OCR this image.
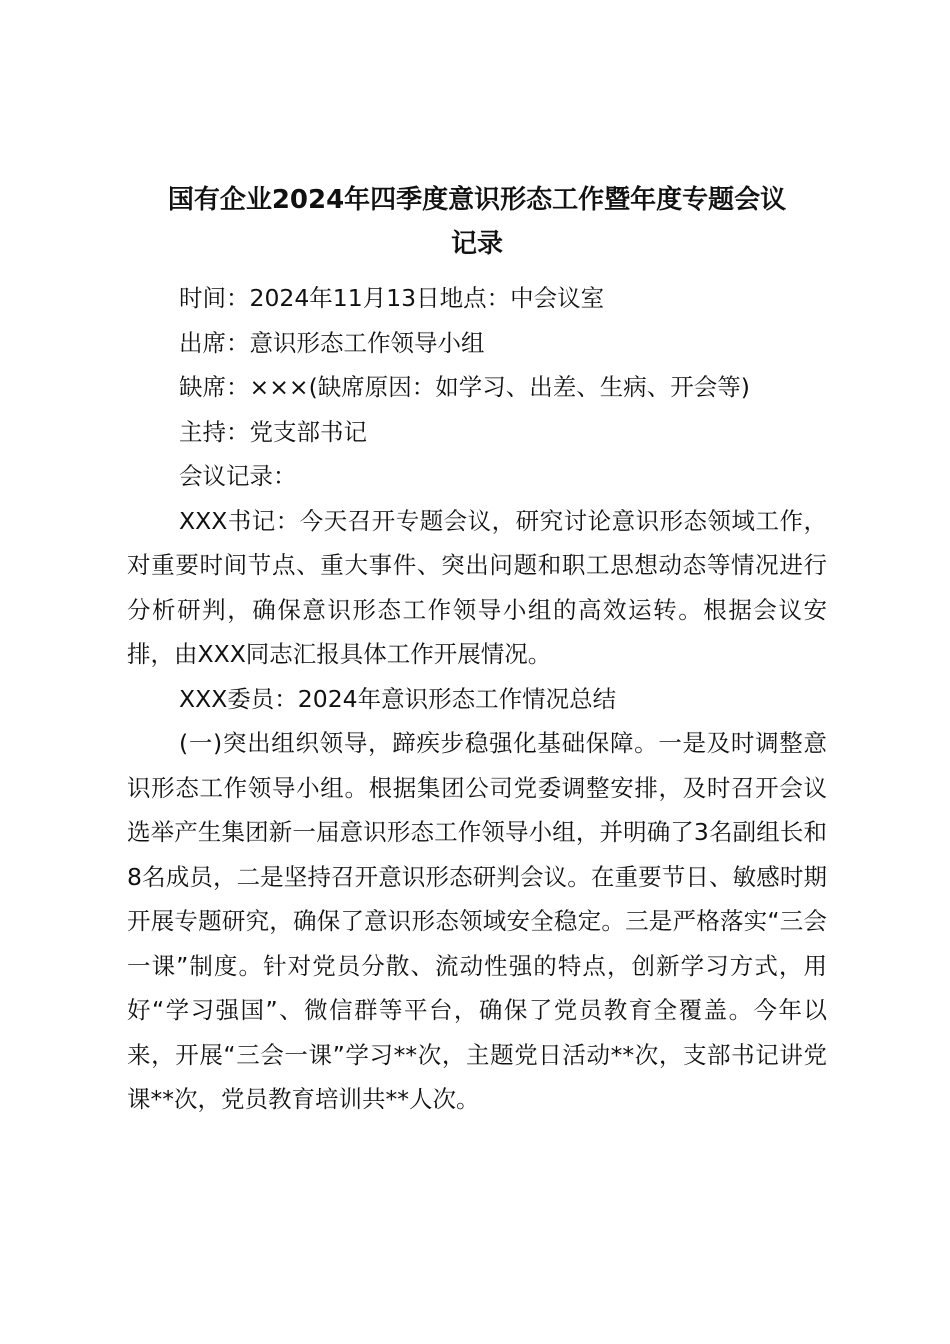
国有企业2024年四季度意识形态工作暨年度专题会议
记录

时间：2024年11月13日地点：中会议室

出席：意识形态工作领导小组

缺席：×××(缺席原因：如学习、出差、生病、开会等)

主持：党支部书记

会议记录：

XXX书记：今天召开专题会议，研究讨论意识形态领域工作，对重要时间节点、重大事件、突出问题和职工思想动态等情况进行分析研判，确保意识形态工作领导小组的高效运转。根据会议安排，由XXX同志汇报具体工作开展情况。

XXX委员：2024年意识形态工作情况总结

(一)突出组织领导，蹄疾步稳强化基础保障。一是及时调整意识形态工作领导小组。根据集团公司党委调整安排，及时召开会议选举产生集团新一届意识形态工作领导小组，并明确了3名副组长和8名成员，二是坚持召开意识形态研判会议。在重要节日、敏感时期开展专题研究，确保了意识形态领域安全稳定。三是严格落实“三会一课”制度。针对党员分散、流动性强的特点，创新学习方式，用好“学习强国”、微信群等平台，确保了党员教育全覆盖。今年以来，开展“三会一课”学习**次，主题党日活动**次，支部书记讲党课**次，党员教育培训共**人次。
